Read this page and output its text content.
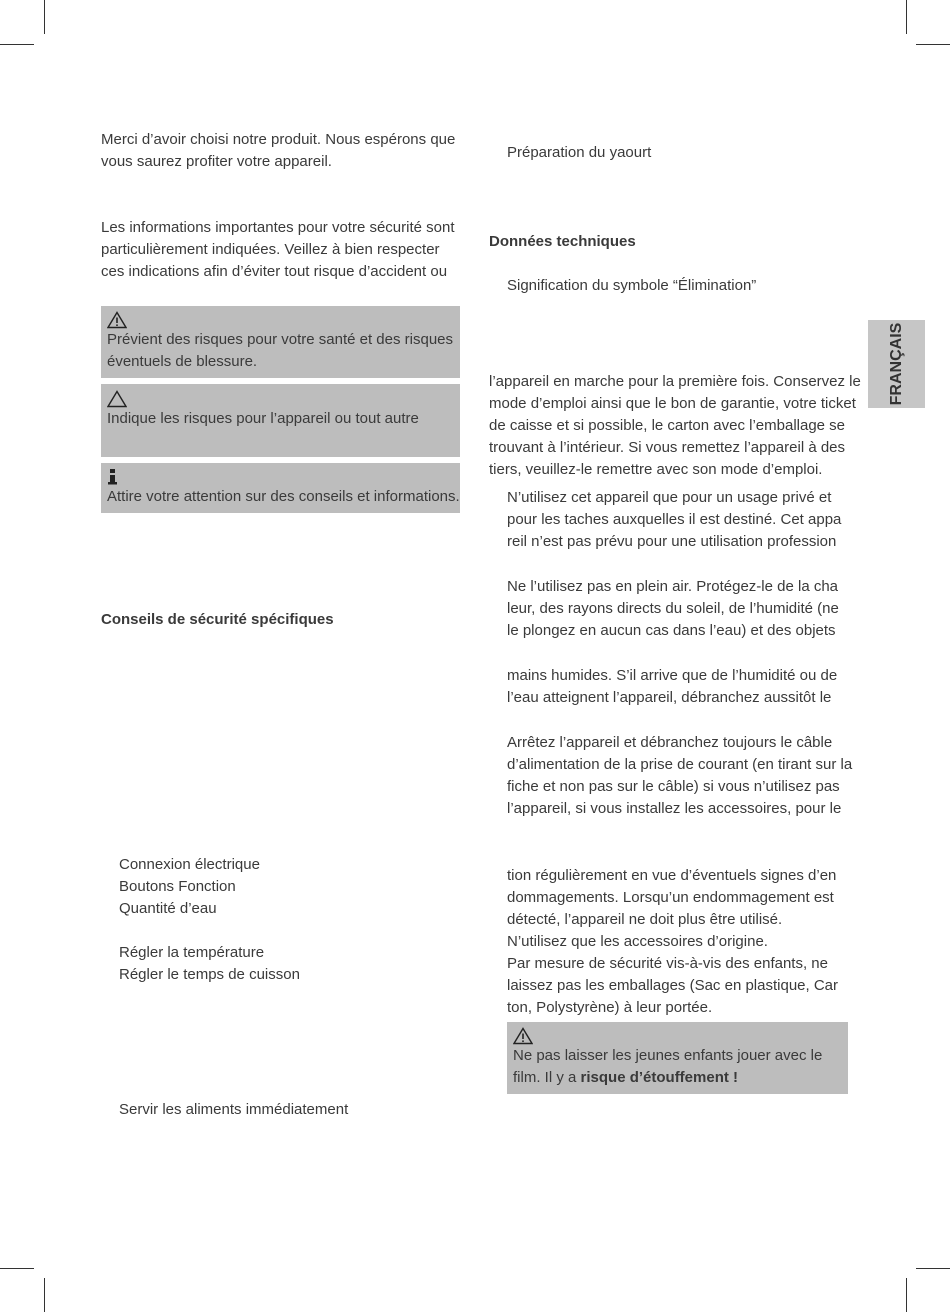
Merci d’avoir choisi notre produit. Nous espérons que
vous saurez profiter votre appareil.
Les informations importantes pour votre sécurité sont
particulièrement indiquées. Veillez à bien respecter
ces indications afin d’éviter tout risque d’accident ou
Prévient des risques pour votre santé et des risques
éventuels de blessure.
Indique les risques pour l’appareil ou tout autre
Attire votre attention sur des conseils et informations.
Conseils de sécurité spécifiques
Connexion électrique
Boutons Fonction
Quantité d’eau
Régler la température
Régler le temps de cuisson
Servir les aliments immédiatement
Préparation du yaourt
Données techniques
Signification du symbole “Élimination”
l’appareil en marche pour la première fois. Conservez le
mode d’emploi ainsi que le bon de garantie, votre ticket
de caisse et si possible, le carton avec l’emballage se
trouvant à l’intérieur. Si vous remettez l’appareil à des
tiers, veuillez-le remettre avec son mode d’emploi.
N’utilisez cet appareil que pour un usage privé et
pour les taches auxquelles il est destiné. Cet appa
reil n’est pas prévu pour une utilisation profession
Ne l’utilisez pas en plein air. Protégez-le de la cha
leur, des rayons directs du soleil, de l’humidité (ne
le plongez en aucun cas dans l’eau) et des objets
mains humides. S’il arrive que de l’humidité ou de
l’eau atteignent l’appareil, débranchez aussitôt le
Arrêtez l’appareil et débranchez toujours le câble
d’alimentation de la prise de courant (en tirant sur la
fiche et non pas sur le câble) si vous n’utilisez pas
l’appareil, si vous installez les accessoires, pour le
tion régulièrement en vue d’éventuels signes d’en
dommagements. Lorsqu’un endommagement est
détecté, l’appareil ne doit plus être utilisé.
N’utilisez que les accessoires d’origine.
Par mesure de sécurité vis-à-vis des enfants, ne
laissez pas les emballages (Sac en plastique, Car
ton, Polystyrène) à leur portée.
Ne pas laisser les jeunes enfants jouer avec le
film. Il y a risque d’étouffement !
FRANÇAIS
